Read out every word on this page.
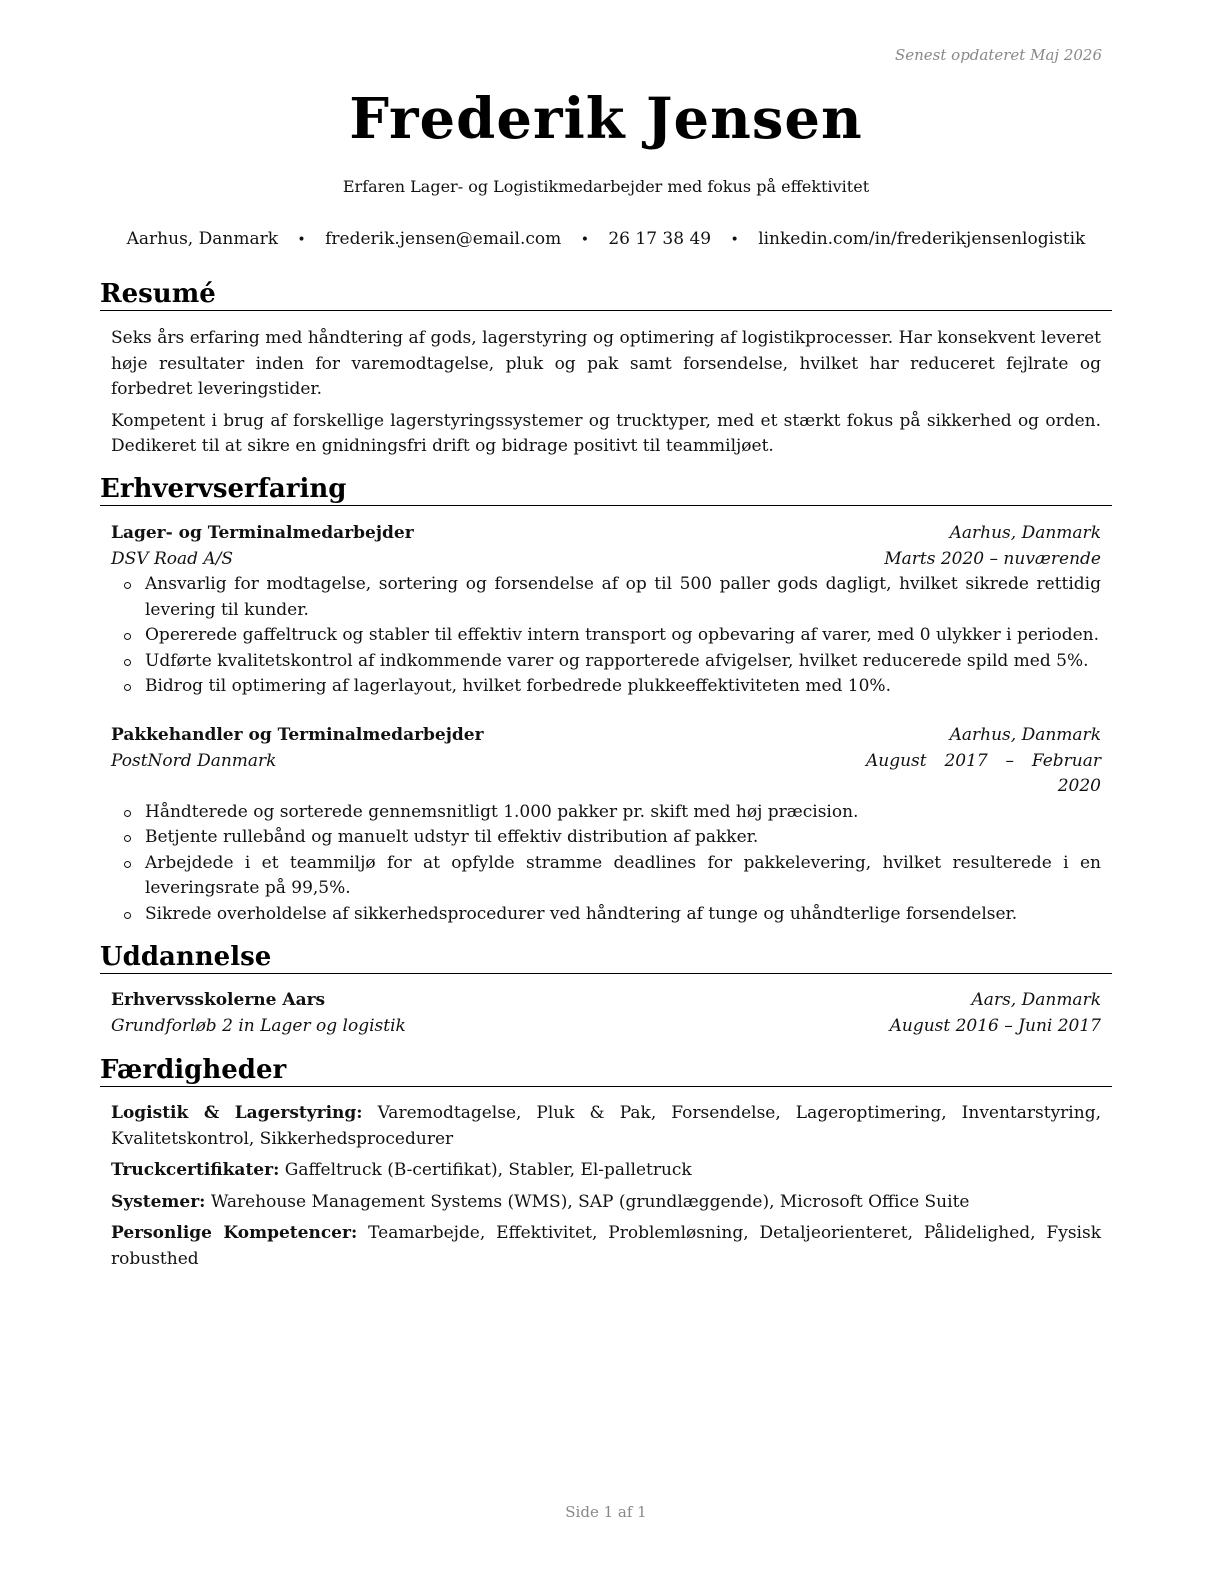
Senest opdateret Maj 2026
Frederik Jensen
Erfaren Lager- og Logistikmedarbejder med fokus på effektivitet
Aarhus, Danmark • frederik.jensen@email.com • 26 17 38 49 • linkedin.com/in/frederikjensenlogistik
Resumé

Seks års erfaring med håndtering af gods, lagerstyring og optimering af logistikprocesser. Har konsekvent leveret høje resultater inden for varemodtagelse, pluk og pak samt forsendelse, hvilket har reduceret fejlrate og forbedret leveringstider.

Kompetent i brug af forskellige lagerstyringssystemer og trucktyper, med et stærkt fokus på sikkerhed og orden. Dedikeret til at sikre en gnidningsfri drift og bidrage positivt til teammiljøet.

Erhvervserfaring
Lager- og Terminalmedarbejder	Aarhus, Danmark
DSV Road A/S	Marts 2020 – nuværende
Ansvarlig for modtagelse, sortering og forsendelse af op til 500 paller gods dagligt, hvilket sikrede rettidig levering til kunder.
Opererede gaffeltruck og stabler til effektiv intern transport og opbevaring af varer, med 0 ulykker i perioden.
Udførte kvalitetskontrol af indkommende varer og rapporterede afvigelser, hvilket reducerede spild med 5%.
Bidrog til optimering af lagerlayout, hvilket forbedrede plukkeeffektiviteten med 10%.
Pakkehandler og Terminalmedarbejder	Aarhus, Danmark
PostNord Danmark	August 2017 – Februar
2020
Håndterede og sorterede gennemsnitligt 1.000 pakker pr. skift med høj præcision.
Betjente rullebånd og manuelt udstyr til effektiv distribution af pakker.
Arbejdede i et teammiljø for at opfylde stramme deadlines for pakkelevering, hvilket resulterede i en leveringsrate på 99,5%.
Sikrede overholdelse af sikkerhedsprocedurer ved håndtering af tunge og uhåndterlige forsendelser.
Uddannelse
Erhvervsskolerne Aars	Aars, Danmark
Grundforløb 2 in Lager og logistik	August 2016 – Juni 2017
Færdigheder

Logistik & Lagerstyring: Varemodtagelse, Pluk & Pak, Forsendelse, Lageroptimering, Inventarstyring, Kvalitetskontrol, Sikkerhedsprocedurer

Truckcertifikater: Gaffeltruck (B-certifikat), Stabler, El-palletruck

Systemer: Warehouse Management Systems (WMS), SAP (grundlæggende), Microsoft Office Suite

Personlige Kompetencer: Teamarbejde, Effektivitet, Problemløsning, Detaljeorienteret, Pålidelighed, Fysisk robusthed

Side 1 af 1
